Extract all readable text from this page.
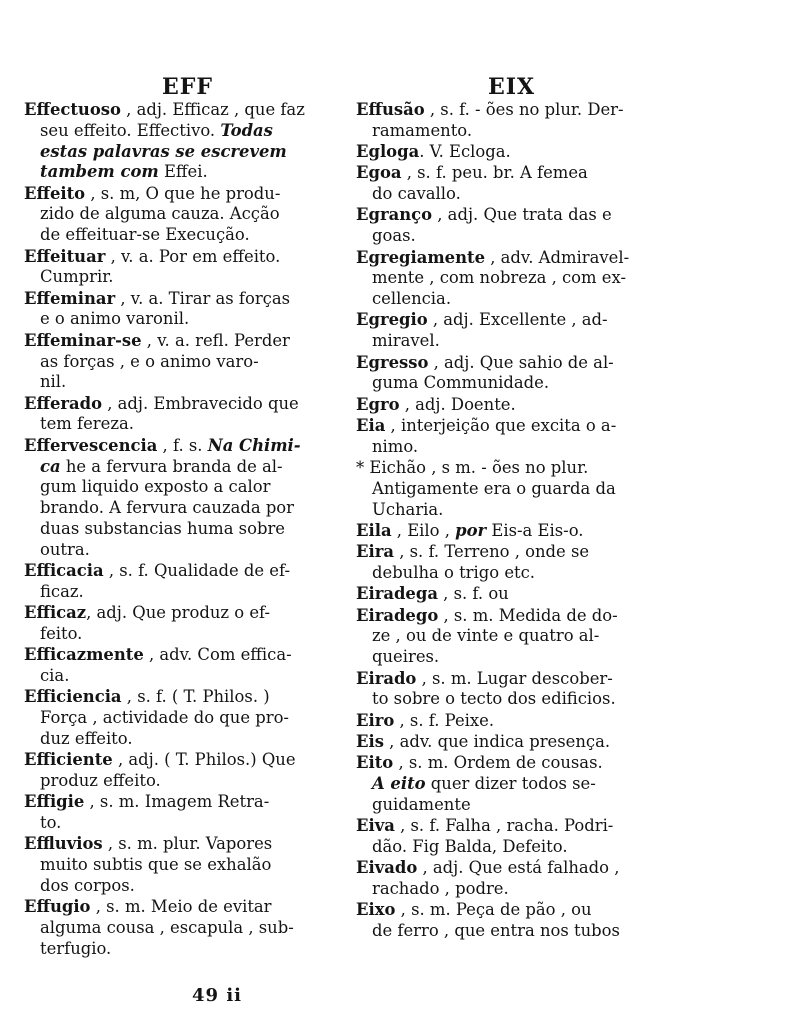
EFF	EIX
Effectuoso , adj. Efficaz , que faz
seu effeito. Effectivo. Todas
estas palavras se escrevem
tambem com Effei.
Effeito , s. m, O que he produ-
zido de alguma cauza. Acção
de effeituar-se Execução.
Effeituar , v. a. Por em effeito.
Cumprir.
Effeminar , v. a. Tirar as forças
e o animo varonil.
Effeminar-se , v. a. refl. Perder
as forças , e o animo varo-
nil.
Efferado , adj. Embravecido que
tem fereza.
Effervescencia , f. s. Na Chimi-
ca he a fervura branda de al-
gum liquido exposto a calor
brando. A fervura cauzada por
duas substancias huma sobre
outra.
Efficacia , s. f. Qualidade de ef-
ficaz.
Efficaz, adj. Que produz o ef-
feito.
Efficazmente , adv. Com effica-
cia.
Efficiencia , s. f. ( T. Philos. )
Força , actividade do que pro-
duz effeito.
Efficiente , adj. ( T. Philos.) Que
produz effeito.
Effigie , s. m. Imagem Retra-
to.
Effluvios , s. m. plur. Vapores
muito subtis que se exhalão
dos corpos.
Effugio , s. m. Meio de evitar
alguma cousa , escapula , sub-
terfugio.
Effusão , s. f. - ões no plur. Der-
ramamento.
Egloga. V. Ecloga.
Egoa , s. f. peu. br. A femea
do cavallo.
Egranço , adj. Que trata das e
goas.
Egregiamente , adv. Admiravel-
mente , com nobreza , com ex-
cellencia.
Egregio , adj. Excellente , ad-
miravel.
Egresso , adj. Que sahio de al-
guma Communidade.
Egro , adj. Doente.
Eia , interjeição que excita o a-
nimo.
* Eichão , s m. - ões no plur.
Antigamente era o guarda da
Ucharia.
Eila , Eilo , por Eis-a Eis-o.
Eira , s. f. Terreno , onde se
debulha o trigo etc.
Eiradega , s. f. ou
Eiradego , s. m. Medida de do-
ze , ou de vinte e quatro al-
queires.
Eirado , s. m. Lugar descober-
to sobre o tecto dos edificios.
Eiro , s. f. Peixe.
Eis , adv. que indica presença.
Eito , s. m. Ordem de cousas.
A eito quer dizer todos se-
guidamente
Eiva , s. f. Falha , racha. Podri-
dão. Fig Balda, Defeito.
Eivado , adj. Que está falhado ,
rachado , podre.
Eixo , s. m. Peça de pão , ou
de ferro , que entra nos tubos
49 ii
